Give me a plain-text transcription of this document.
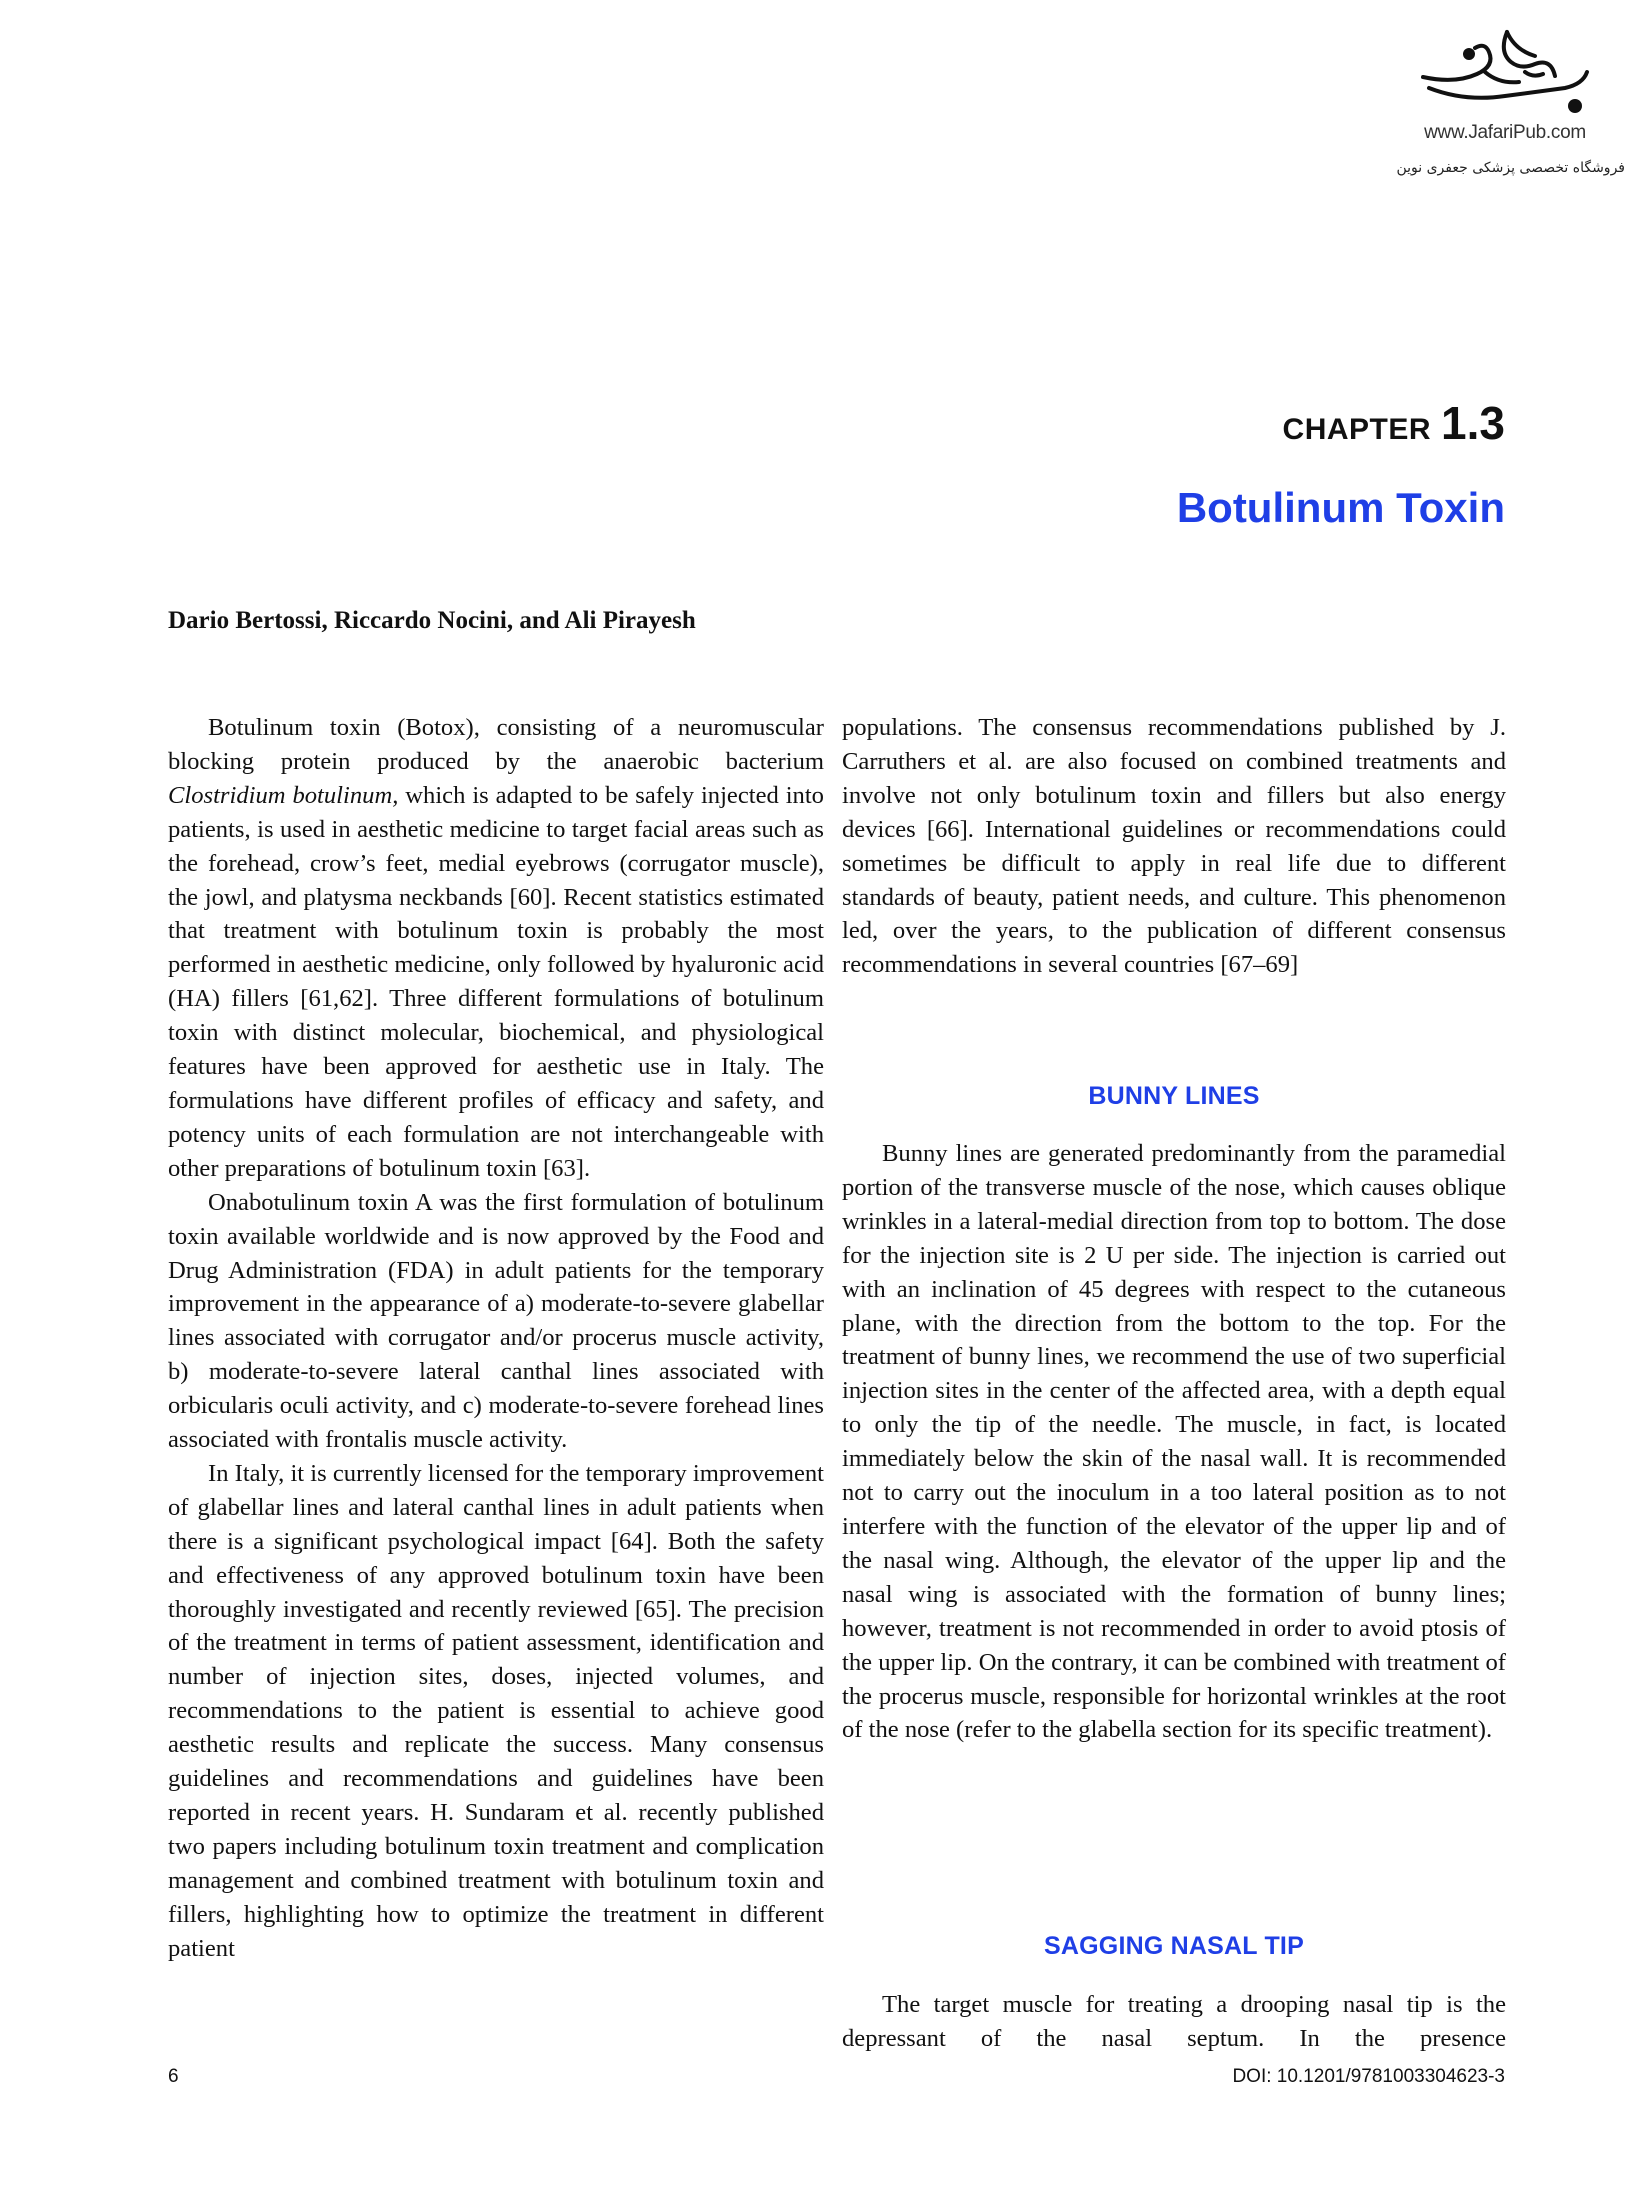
www.JafariPub.com
فروشگاه تخصصی پزشکی جعفری نوین
CHAPTER 1.3
Botulinum Toxin
Dario Bertossi, Riccardo Nocini, and Ali Pirayesh

Botulinum toxin (Botox), consisting of a neuromuscular blocking protein produced by the anaerobic bacterium Clostridium botulinum, which is adapted to be safely injected into patients, is used in aesthetic medicine to target facial areas such as the forehead, crow’s feet, medial eyebrows (corrugator muscle), the jowl, and platysma neckbands [60]. Recent statistics estimated that treatment with botulinum toxin is probably the most performed in aesthetic medicine, only followed by hyaluronic acid (HA) fillers [61,62]. Three different formulations of botulinum toxin with distinct molecular, biochemical, and physiological features have been approved for aesthetic use in Italy. The formulations have different profiles of efficacy and safety, and potency units of each formulation are not interchangeable with other preparations of botulinum toxin [63].

Onabotulinum toxin A was the first formulation of botulinum toxin available worldwide and is now approved by the Food and Drug Administration (FDA) in adult patients for the temporary improvement in the appearance of a) moderate-to-severe glabellar lines associated with corrugator and/or procerus muscle activity, b) moderate-to-severe lateral canthal lines associated with orbicularis oculi activity, and c) moderate-to-severe forehead lines associated with frontalis muscle activity.

In Italy, it is currently licensed for the temporary improvement of glabellar lines and lateral canthal lines in adult patients when there is a significant psychological impact [64]. Both the safety and effectiveness of any approved botulinum toxin have been thoroughly investigated and recently reviewed [65]. The precision of the treatment in terms of patient assessment, identification and number of injection sites, doses, injected volumes, and recommendations to the patient is essential to achieve good aesthetic results and replicate the success. Many consensus guidelines and recommendations and guidelines have been reported in recent years. H. Sundaram et al. recently published two papers including botulinum toxin treatment and complication management and combined treatment with botulinum toxin and fillers, highlighting how to optimize the treatment in different patient

populations. The consensus recommendations published by J. Carruthers et al. are also focused on combined treatments and involve not only botulinum toxin and fillers but also energy devices [66]. International guidelines or recommendations could sometimes be difficult to apply in real life due to different standards of beauty, patient needs, and culture. This phenomenon led, over the years, to the publication of different consensus recommendations in several countries [67–69]

BUNNY LINES

Bunny lines are generated predominantly from the paramedial portion of the transverse muscle of the nose, which causes oblique wrinkles in a lateral-medial direction from top to bottom. The dose for the injection site is 2 U per side. The injection is carried out with an inclination of 45 degrees with respect to the cutaneous plane, with the direction from the bottom to the top. For the treatment of bunny lines, we recommend the use of two superficial injection sites in the center of the affected area, with a depth equal to only the tip of the needle. The muscle, in fact, is located immediately below the skin of the nasal wall. It is recommended not to carry out the inoculum in a too lateral position as to not interfere with the function of the elevator of the upper lip and of the nasal wing. Although, the elevator of the upper lip and the nasal wing is associated with the formation of bunny lines; however, treatment is not recommended in order to avoid ptosis of the upper lip. On the contrary, it can be combined with treatment of the procerus muscle, responsible for horizontal wrinkles at the root of the nose (refer to the glabella section for its specific treatment).

SAGGING NASAL TIP

The target muscle for treating a drooping nasal tip is the depressant of the nasal septum. In the presence

6	DOI: 10.1201/9781003304623-3
